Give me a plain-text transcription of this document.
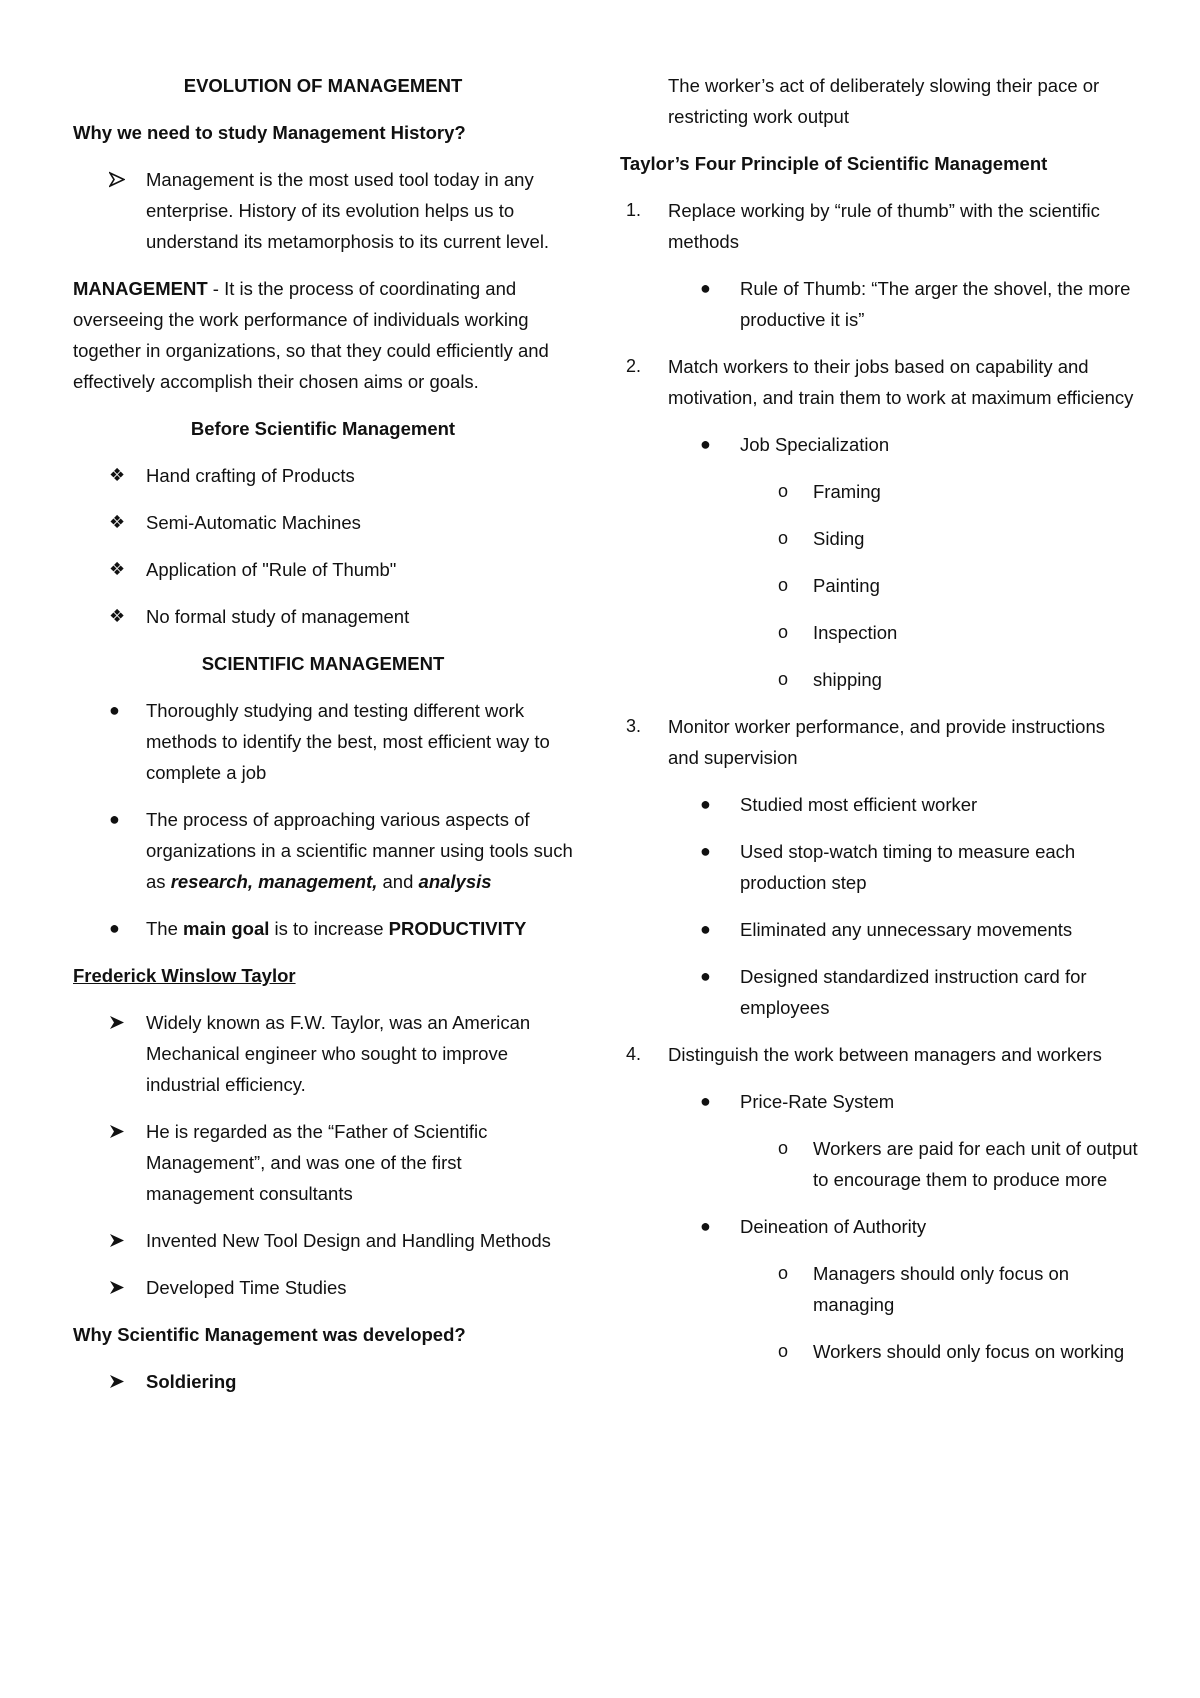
EVOLUTION OF MANAGEMENT

Why we need to study Management History?

Management is the most used tool today in any enterprise. History of its evolution helps us to understand its metamorphosis to its current level.

MANAGEMENT - It is the process of coordinating and overseeing the work performance of individuals working together in organizations, so that they could efficiently and effectively accomplish their chosen aims or goals.

Before Scientific Management

❖	Hand crafting of Products
❖	Semi-Automatic Machines
❖	Application of "Rule of Thumb"
❖	No formal study of management

SCIENTIFIC MANAGEMENT

●	Thoroughly studying and testing different work methods to identify the best, most efficient way to complete a job
●	The process of approaching various aspects of organizations in a scientific manner using tools such as research, management, and analysis
●	The main goal is to increase PRODUCTIVITY

Frederick Winslow Taylor

Widely known as F.W. Taylor, was an American Mechanical engineer who sought to improve industrial efficiency.
He is regarded as the “Father of Scientific Management”, and was one of the first management consultants
Invented New Tool Design and Handling Methods
Developed Time Studies

Why Scientific Management was developed?

Soldiering

The worker’s act of deliberately slowing their pace or restricting work output

Taylor’s Four Principle of Scientific Management

1.	Replace working by “rule of thumb” with the scientific methods
●	Rule of Thumb: “The arger the shovel, the more productive it is”
2.	Match workers to their jobs based on capability and motivation, and train them to work at maximum efficiency
●	Job Specialization
o	Framing
o	Siding
o	Painting
o	Inspection
o	shipping
3.	Monitor worker performance, and provide instructions and supervision
●	Studied most efficient worker
●	Used stop-watch timing to measure each production step
●	Eliminated any unnecessary movements
●	Designed standardized instruction card for employees
4.	Distinguish the work between managers and workers
●	Price-Rate System
o	Workers are paid for each unit of output to encourage them to produce more
●	Deineation of Authority
o	Managers should only focus on managing
o	Workers should only focus on working
